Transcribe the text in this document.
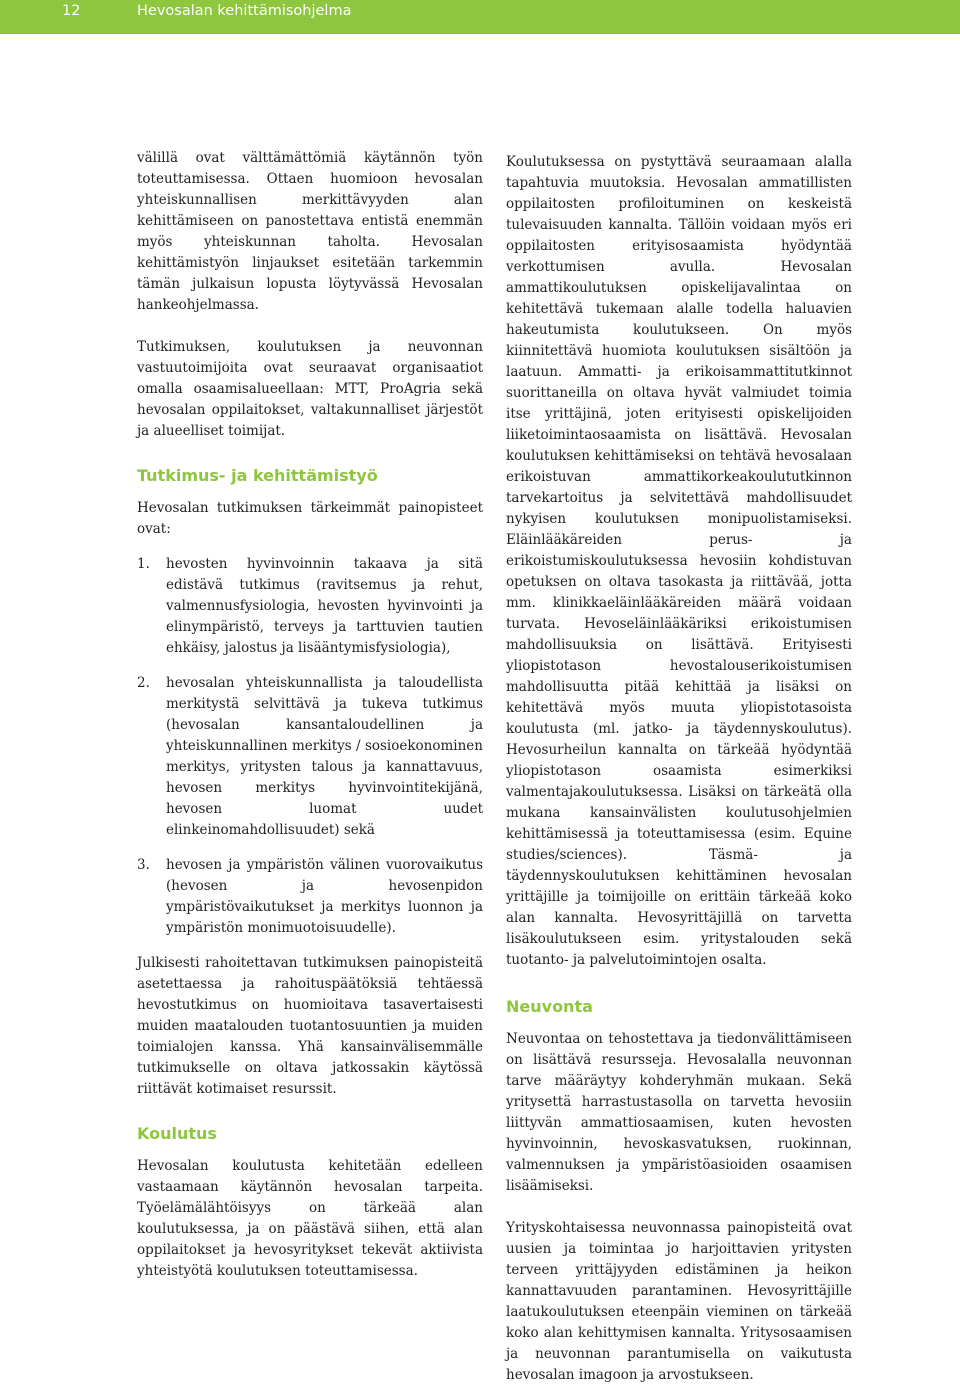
12	Hevosalan kehittämisohjelma

välillä ovat välttämättömiä käytännön työn toteuttamisessa. Ottaen huomioon hevosalan yhteiskunnallisen merkittävyyden alan kehittämiseen on panostettava entistä enemmän myös yhteiskunnan taholta. Hevosalan kehittämistyön linjaukset esitetään tarkemmin tämän julkaisun lopusta löytyvässä Hevosalan hankeohjelmassa.

Tutkimuksen, koulutuksen ja neuvonnan vastuutoimijoita ovat seuraavat organisaatiot omalla osaamisalueellaan: MTT, ProAgria sekä hevosalan oppilaitokset, valtakunnalliset järjestöt ja alueelliset toimijat.

Tutkimus- ja kehittämistyö

Hevosalan tutkimuksen tärkeimmät painopisteet ovat:

1. hevosten hyvinvoinnin takaava ja sitä edistävä tutkimus (ravitsemus ja rehut, valmennusfysiologia, hevosten hyvinvointi ja elinympäristö, terveys ja tarttuvien tautien ehkäisy, jalostus ja lisääntymisfysiologia),

2. hevosalan yhteiskunnallista ja taloudellista merkitystä selvittävä ja tukeva tutkimus (hevosalan kansantaloudellinen ja yhteiskunnallinen merkitys / sosioekonominen merkitys, yritysten talous ja kannattavuus, hevosen merkitys hyvinvointitekijänä, hevosen luomat uudet elinkeinomahdollisuudet) sekä

3. hevosen ja ympäristön välinen vuorovaikutus (hevosen ja hevosenpidon ympäristövaikutukset ja merkitys luonnon ja ympäristön monimuotoisuudelle).

Julkisesti rahoitettavan tutkimuksen painopisteitä asetettaessa ja rahoituspäätöksiä tehtäessä hevostutkimus on huomioitava tasavertaisesti muiden maatalouden tuotantosuuntien ja muiden toimialojen kanssa. Yhä kansainvälisemmälle tutkimukselle on oltava jatkossakin käytössä riittävät kotimaiset resurssit.

Koulutus

Hevosalan koulutusta kehitetään edelleen vastaamaan käytännön hevosalan tarpeita. Työelämälähtöisyys on tärkeää alan koulutuksessa, ja on päästävä siihen, että alan oppilaitokset ja hevosyritykset tekevät aktiivista yhteistyötä koulutuksen toteuttamisessa.

Koulutuksessa on pystyttävä seuraamaan alalla tapahtuvia muutoksia. Hevosalan ammatillisten oppilaitosten profiloituminen on keskeistä tulevaisuuden kannalta. Tällöin voidaan myös eri oppilaitosten erityisosaamista hyödyntää verkottumisen avulla. Hevosalan ammattikoulutuksen opiskelijavalintaa on kehitettävä tukemaan alalle todella haluavien hakeutumista koulutukseen. On myös kiinnitettävä huomiota koulutuksen sisältöön ja laatuun. Ammatti- ja erikoisammattitutkinnot suorittaneilla on oltava hyvät valmiudet toimia itse yrittäjinä, joten erityisesti opiskelijoiden liiketoimintaosaamista on lisättävä. Hevosalan koulutuksen kehittämiseksi on tehtävä hevosalaan erikoistuvan ammattikorkeakoulututkinnon tarvekartoitus ja selvitettävä mahdollisuudet nykyisen koulutuksen monipuolistamiseksi. Eläinlääkäreiden perus- ja erikoistumiskoulutuksessa hevosiin kohdistuvan opetuksen on oltava tasokasta ja riittävää, jotta mm. klinikkaeläinlääkäreiden määrä voidaan turvata. Hevoseläinlääkäriksi erikoistumisen mahdollisuuksia on lisättävä. Erityisesti yliopistotason hevostalouserikoistumisen mahdollisuutta pitää kehittää ja lisäksi on kehitettävä myös muuta yliopistotasoista koulutusta (ml. jatko- ja täydennyskoulutus). Hevosurheilun kannalta on tärkeää hyödyntää yliopistotason osaamista esimerkiksi valmentajakoulutuksessa. Lisäksi on tärkeätä olla mukana kansainvälisten koulutusohjelmien kehittämisessä ja toteuttamisessa (esim. Equine studies/sciences). Täsmä- ja täydennyskoulutuksen kehittäminen hevosalan yrittäjille ja toimijoille on erittäin tärkeää koko alan kannalta. Hevosyrittäjillä on tarvetta lisäkoulutukseen esim. yritystalouden sekä tuotanto- ja palvelutoimintojen osalta.

Neuvonta

Neuvontaa on tehostettava ja tiedonvälittämiseen on lisättävä resursseja. Hevosalalla neuvonnan tarve määräytyy kohderyhmän mukaan. Sekä yritysettä harrastustasolla on tarvetta hevosiin liittyvän ammattiosaamisen, kuten hevosten hyvinvoinnin, hevoskasvatuksen, ruokinnan, valmennuksen ja ympäristöasioiden osaamisen lisäämiseksi.

Yrityskohtaisessa neuvonnassa painopisteitä ovat uusien ja toimintaa jo harjoittavien yritysten terveen yrittäjyyden edistäminen ja heikon kannattavuuden parantaminen. Hevosyrittäjille laatukoulutuksen eteenpäin vieminen on tärkeää koko alan kehittymisen kannalta. Yritysosaamisen ja neuvonnan parantumisella on vaikutusta hevosalan imagoon ja arvostukseen.
